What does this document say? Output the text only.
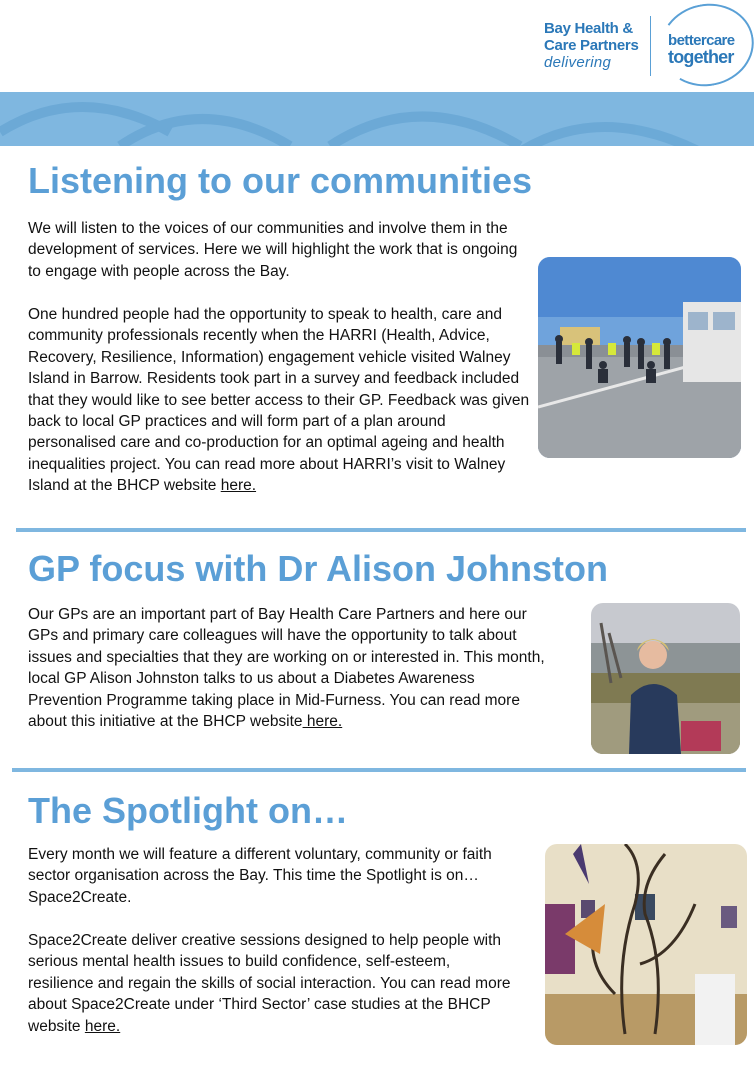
Bay Health &
Care Partners
delivering
bettercare
together
Listening to our communities

We will listen to the voices of our communities and involve them in the development of services. Here we will highlight the work that is ongoing to engage with people across the Bay.

One hundred people had the opportunity to speak to health, care and community professionals recently when the HARRI (Health, Advice, Recovery, Resilience, Information) engagement vehicle visited Walney Island in Barrow. Residents took part in a survey and feedback included that they would like to see better access to their GP. Feedback was given back to local GP practices and will form part of a plan around personalised care and co-production for an optimal ageing and health inequalities project. You can read more about HARRI’s visit to Walney Island at the BHCP website here.

GP focus with Dr Alison Johnston

Our GPs are an important part of Bay Health Care Partners and here our GPs and primary care colleagues will have the opportunity to talk about issues and specialties that they are working on or interested in. This month, local GP Alison Johnston talks to us about a Diabetes Awareness Prevention Programme taking place in Mid-Furness. You can read more about this initiative at the BHCP website here.

The Spotlight on…

Every month we will feature a different voluntary, community or faith sector organisation across the Bay. This time the Spotlight is on… Space2Create.

Space2Create deliver creative sessions designed to help people with serious mental health issues to build confidence, self-esteem, resilience and regain the skills of social interaction. You can read more about Space2Create under ‘Third Sector’ case studies at the BHCP website here.
